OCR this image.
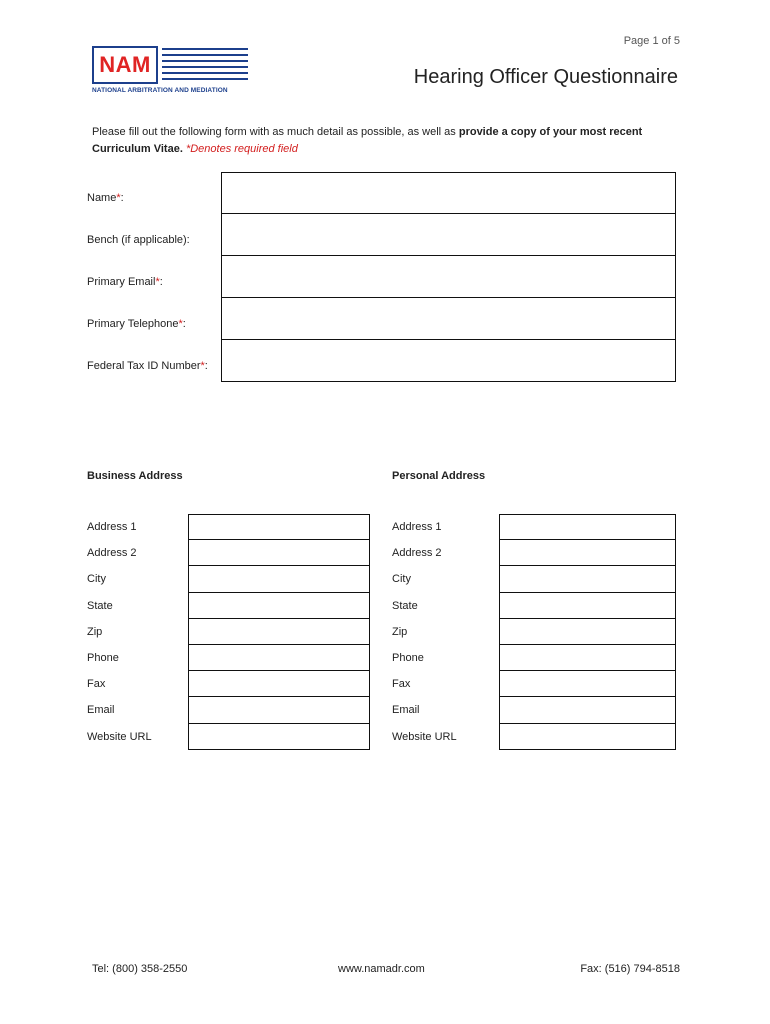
Page 1 of 5
NAM
NATIONAL ARBITRATION AND MEDIATION
Hearing Officer Questionnaire
Please fill out the following form with as much detail as possible, as well as provide a copy of your most recent Curriculum Vitae. *Denotes required field
Name*:
Bench (if applicable):
Primary Email*:
Primary Telephone*:
Federal Tax ID Number*:
Business Address	Personal Address
Address 1
Address 2
City
State
Zip
Phone
Fax
Email
Website URL
Address 1
Address 2
City
State
Zip
Phone
Fax
Email
Website URL
Tel: (800) 358-2550	www.namadr.com	Fax: (516) 794-8518
